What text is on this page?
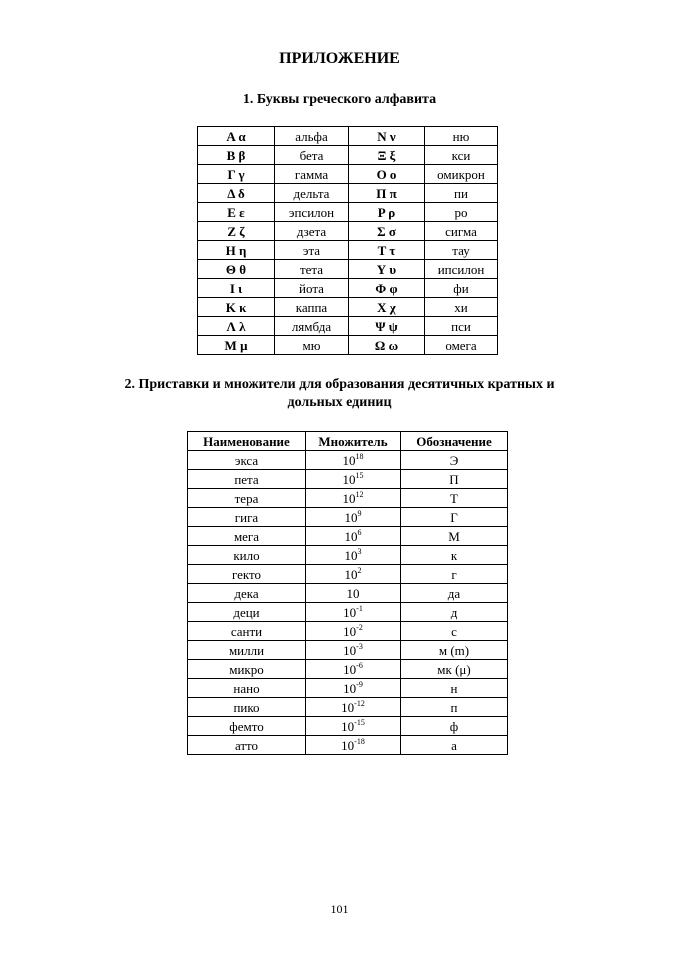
ПРИЛОЖЕНИЕ
1. Буквы греческого алфавита
Α α	альфа	Ν ν	ню
Β β	бета	Ξ ξ	кси
Γ γ	гамма	Ο ο	омикрон
Δ δ	дельта	Π π	пи
Ε ε	эпсилон	Ρ ρ	ро
Ζ ζ	дзета	Σ σ	сигма
Η η	эта	Τ τ	тау
Θ θ	тета	Υ υ	ипсилон
Ι ι	йота	Φ φ	фи
Κ κ	каппа	Χ χ	хи
Λ λ	лямбда	Ψ ψ	пси
Μ μ	мю	Ω ω	омега
2. Приставки и множители для образования десятичных кратных и
дольных единиц
Наименование	Множитель	Обозначение
экса	$10^{18}$	Э
пета	$10^{15}$	П
тера	$10^{12}$	Т
гига	$10^9$	Г
мега	$10^6$	М
кило	$10^3$	к
гекто	$10^2$	г
дека	10	да
деци	$10^{-1}$	д
санти	$10^{-2}$	с
милли	$10^{-3}$	м (m)
микро	$10^{-6}$	мк (μ)
нано	$10^{-9}$	н
пико	$10^{-12}$	п
фемто	$10^{-15}$	ф
атто	$10^{-18}$	а
101
